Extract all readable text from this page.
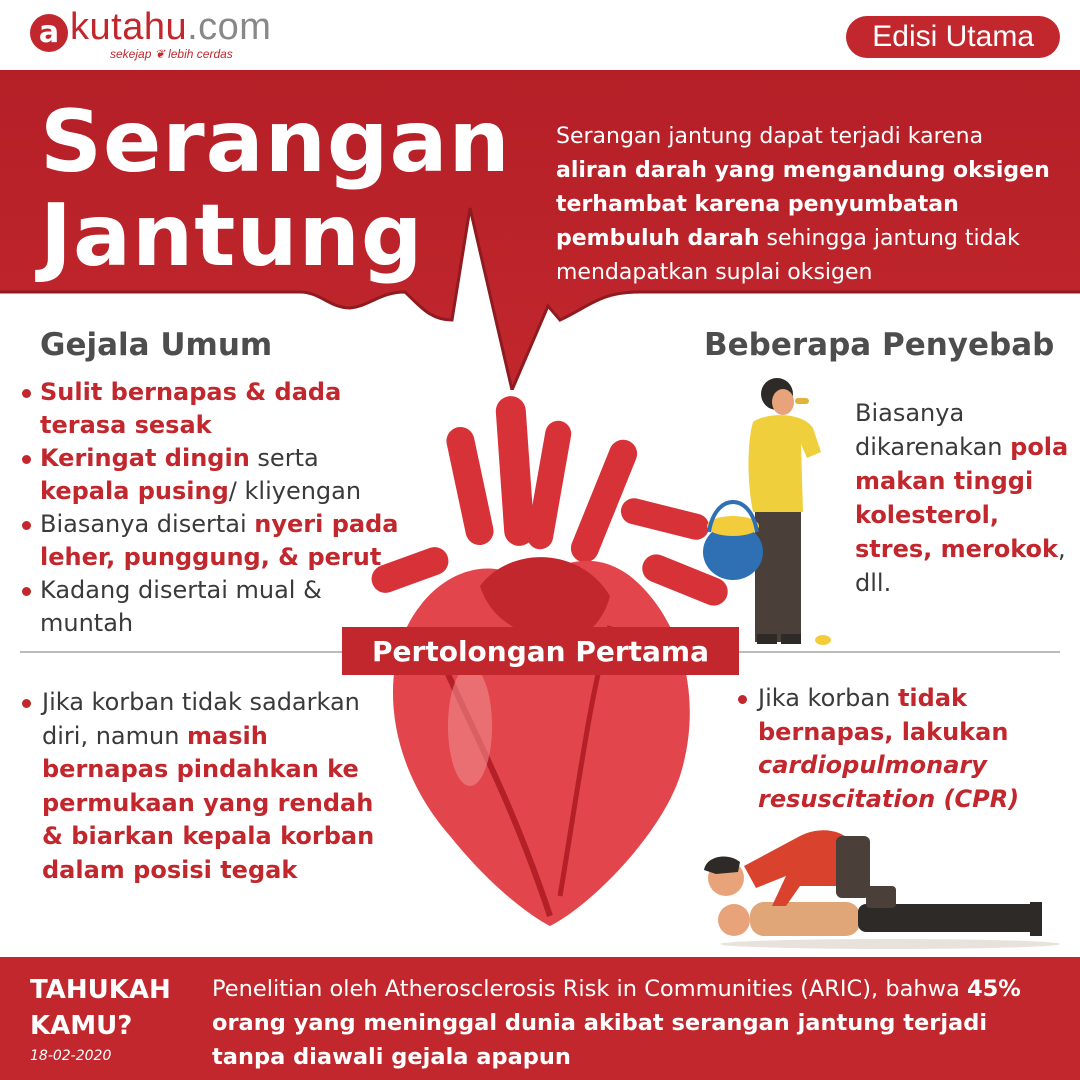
a kutahu.com
sekejap ❦ lebih cerdas
Edisi Utama
Serangan
Jantung
Serangan jantung dapat terjadi karena aliran darah yang mengandung oksigen terhambat karena penyumbatan pembuluh darah sehingga jantung tidak mendapatkan suplai oksigen
Gejala Umum	Beberapa Penyebab
Sulit bernapas & dada terasa sesak
Keringat dingin serta kepala pusing/ kliyengan
Biasanya disertai nyeri pada leher, punggung, & perut
Kadang disertai mual & muntah
Biasanya dikarenakan pola makan tinggi kolesterol, stres, merokok, dll.
Pertolongan Pertama
Jika korban tidak sadarkan diri, namun masih bernapas pindahkan ke permukaan yang rendah & biarkan kepala korban dalam posisi tegak
Jika korban tidak bernapas, lakukan cardiopulmonary resuscitation (CPR)
TAHUKAH
KAMU?
18-02-2020
Penelitian oleh Atherosclerosis Risk in Communities (ARIC), bahwa 45% orang yang meninggal dunia akibat serangan jantung terjadi tanpa diawali gejala apapun
